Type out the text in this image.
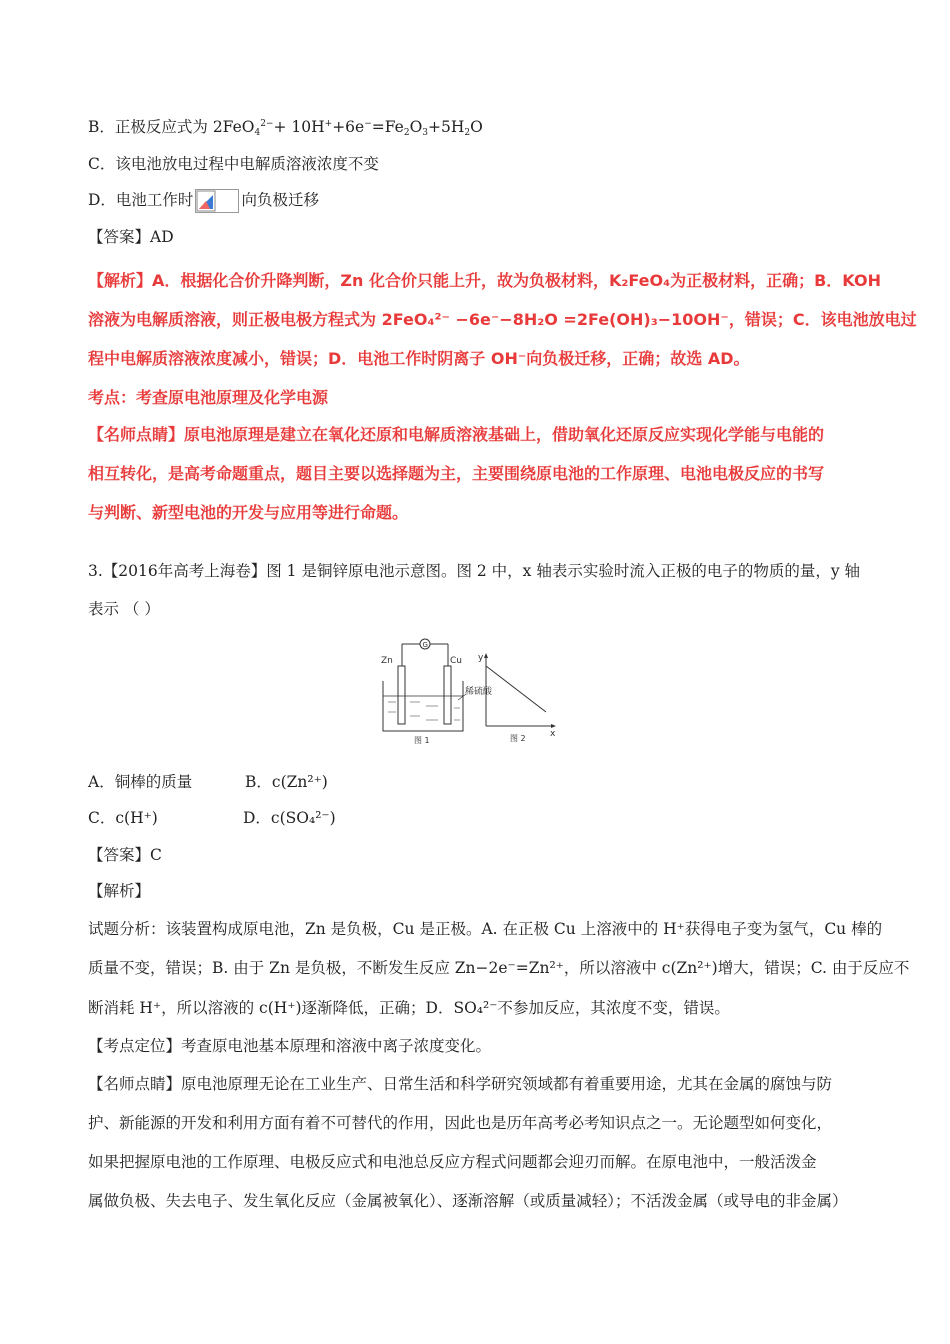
B．正极反应式为 $2FeO_4^{2-}+ 10H^++6e^-=Fe_2O_3+5H_2O$
C．该电池放电过程中电解质溶液浓度不变
D．电池工作时	向负极迁移
【答案】AD
【解析】A．根据化合价升降判断，Zn 化合价只能上升，故为负极材料，K₂FeO₄为正极材料，正确；B．KOH
溶液为电解质溶液，则正极电极方程式为 2FeO₄²⁻ −6e⁻−8H₂O =2Fe(OH)₃−10OH⁻，错误；C．该电池放电过
程中电解质溶液浓度减小，错误；D．电池工作时阴离子 OH⁻向负极迁移，正确；故选 AD。
考点：考查原电池原理及化学电源
【名师点睛】原电池原理是建立在氧化还原和电解质溶液基础上，借助氧化还原反应实现化学能与电能的
相互转化，是高考命题重点，题目主要以选择题为主，主要围绕原电池的工作原理、电池电极反应的书写
与判断、新型电池的开发与应用等进行命题。
3.【2016年高考上海卷】图 1 是铜锌原电池示意图。图 2 中，x 轴表示实验时流入正极的电子的物质的量，y 轴
表示 （ ）
G
Zn	Cu
稀硫酸
图 1
y
x
图 2
A．铜棒的质量	B．c(Zn²⁺)
C．c(H⁺)	D．c(SO₄²⁻)
【答案】C
【解析】
试题分析：该装置构成原电池，Zn 是负极，Cu 是正极。A. 在正极 Cu 上溶液中的 H⁺获得电子变为氢气，Cu 棒的
质量不变，错误；B. 由于 Zn 是负极，不断发生反应 Zn−2e⁻=Zn²⁺，所以溶液中 c(Zn²⁺)增大，错误；C. 由于反应不
断消耗 H⁺，所以溶液的 c(H⁺)逐渐降低，正确；D．SO₄²⁻不参加反应，其浓度不变，错误。
【考点定位】考查原电池基本原理和溶液中离子浓度变化。
【名师点睛】原电池原理无论在工业生产、日常生活和科学研究领域都有着重要用途，尤其在金属的腐蚀与防
护、新能源的开发和利用方面有着不可替代的作用，因此也是历年高考必考知识点之一。无论题型如何变化，
如果把握原电池的工作原理、电极反应式和电池总反应方程式问题都会迎刃而解。在原电池中，一般活泼金
属做负极、失去电子、发生氧化反应（金属被氧化）、逐渐溶解（或质量减轻）；不活泼金属（或导电的非金属）
